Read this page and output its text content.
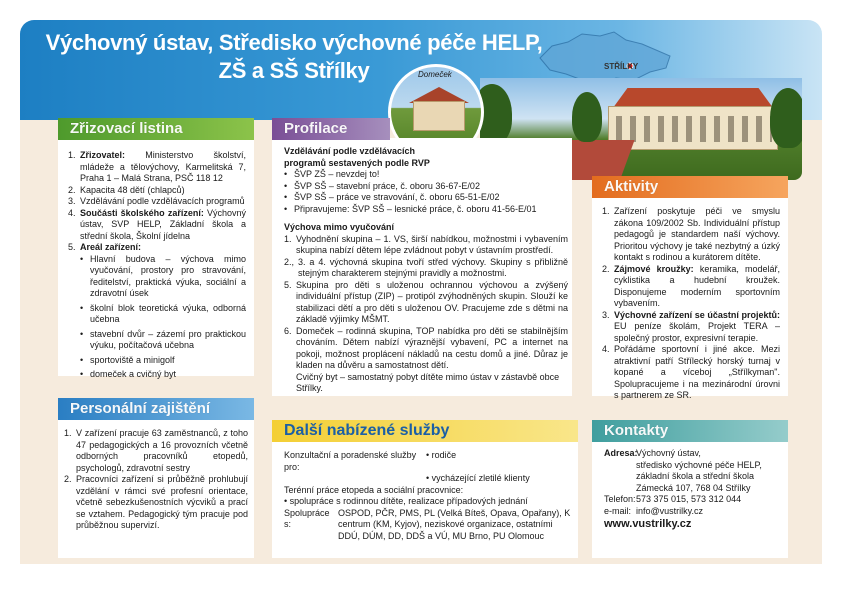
Výchovný ústav, Středisko výchovné péče HELP,
ZŠ a SŠ Střílky	STŘÍLKY
Domeček
Zřizovací listina
1. Zřizovatel: Ministerstvo školství, mládeže a tělovýchovy, Karmelitská 7, Praha 1 – Malá Strana, PSČ 118 12
2. Kapacita 48 dětí (chlapců)
3. Vzdělávání podle vzdělávacích programů
4. Součásti školského zařízení: Výchovný ústav, SVP HELP, Základní škola a střední škola, Školní jídelna
5. Areál zařízení:
• Hlavní budova – výchova mimo vyučování, prostory pro stravování, ředitelství, praktická výuka, sociální a zdravotní úsek
• školní blok teoretická výuka, odborná učebna
• stavební dvůr – zázemí pro praktickou výuku, počítačová učebna
• sportoviště a minigolf
• domeček a cvičný byt
Personální zajištění
1. V zařízení pracuje 63 zaměstnanců, z toho 47 pedagogických a 16 provozních včetně odborných pracovníků etopedů, psychologů, zdravotní sestry
2. Pracovníci zařízení si průběžně prohlubují vzdělání v rámci své profesní orientace, včetně sebezkušenostních výcviků a prací se vztahem. Pedagogický tým pracuje pod průběžnou supervizí.
Profilace

Vzdělávání podle vzdělávacích

programů sestavených podle RVP

• ŠVP ZŠ – nevzdej to!
• ŠVP SŠ – stavební práce, č. oboru 36-67-E/02
• ŠVP SŠ – práce ve stravování, č. oboru 65-51-E/02
• Připravujeme: ŠVP SŠ – lesnické práce, č. oboru 41-56-E/01

Výchova mimo vyučování

1. Vyhodnění skupina – 1. VS, širší nabídkou, možnostmi i vybavením skupina nabízí dětem lépe zvládnout pobyt v ústavním prostředí.
2., 3. a 4. výchovná skupina tvoří střed výchovy. Skupiny s přibližně stejným charakterem stejnými pravidly a možnostmi.
5. Skupina pro děti s uloženou ochrannou výchovou a zvýšený individuální přístup (ZIP) – protipól zvýhodněných skupin. Slouží ke stabilizaci dětí a pro děti s uloženou OV. Pracujeme zde s dětmi na základě výjimky MŠMT.
6. Domeček – rodinná skupina, TOP nabídka pro děti se stabilnějším chováním. Dětem nabízí výraznější vybavení, PC a internet na pokoji, možnost proplácení nákladů na cestu domů a jiné. Důraz je kladen na důvěru a samostatnost dětí.

Cvičný byt – samostatný pobyt dítěte mimo ústav v zástavbě obce Střílky.

Další nabízené služby
Konzultační a poradenské služby pro:
• rodiče
• vycházející zletilé klienty
Terénní práce etopeda a sociální pracovnice:
• spolupráce s rodinnou dítěte, realizace případových jednání
Spolupráce s:
OSPOD, PČR, PMS, PL (Velká Bíteš, Opava, Opařany), K centrum (KM, Kyjov), neziskové organizace, ostatními DDÚ, DÚM, DD, DDŠ a VÚ, MU Brno, PU Olomouc
Aktivity
1. Zařízení poskytuje péči ve smyslu zákona 109/2002 Sb. Individuální přístup pedagogů je standardem naší výchovy. Prioritou výchovy je také nezbytný a úzký kontakt s rodinou a kurátorem dítěte.
2. Zájmové kroužky: keramika, modelář, cyklistika a hudební kroužek. Disponujeme moderním sportovním vybavením.
3. Výchovné zařízení se účastní projektů: EU peníze školám, Projekt TERA – společný prostor, expresivní terapie.
4. Pořádáme sportovní i jiné akce. Mezi atraktivní patří Střílecký horský turnaj v kopané a víceboj „Střílkyman". Spolupracujeme i na mezinárodní úrovni s partnerem ze SR.
Kontakty
Adresa:
Výchovný ústav,
středisko výchovné péče HELP,
základní škola a střední škola
Zámecká 107, 768 04 Střílky
Telefon: 573 375 015, 573 312 044
e-mail: info@vustrilky.cz
www.vustrilky.cz
